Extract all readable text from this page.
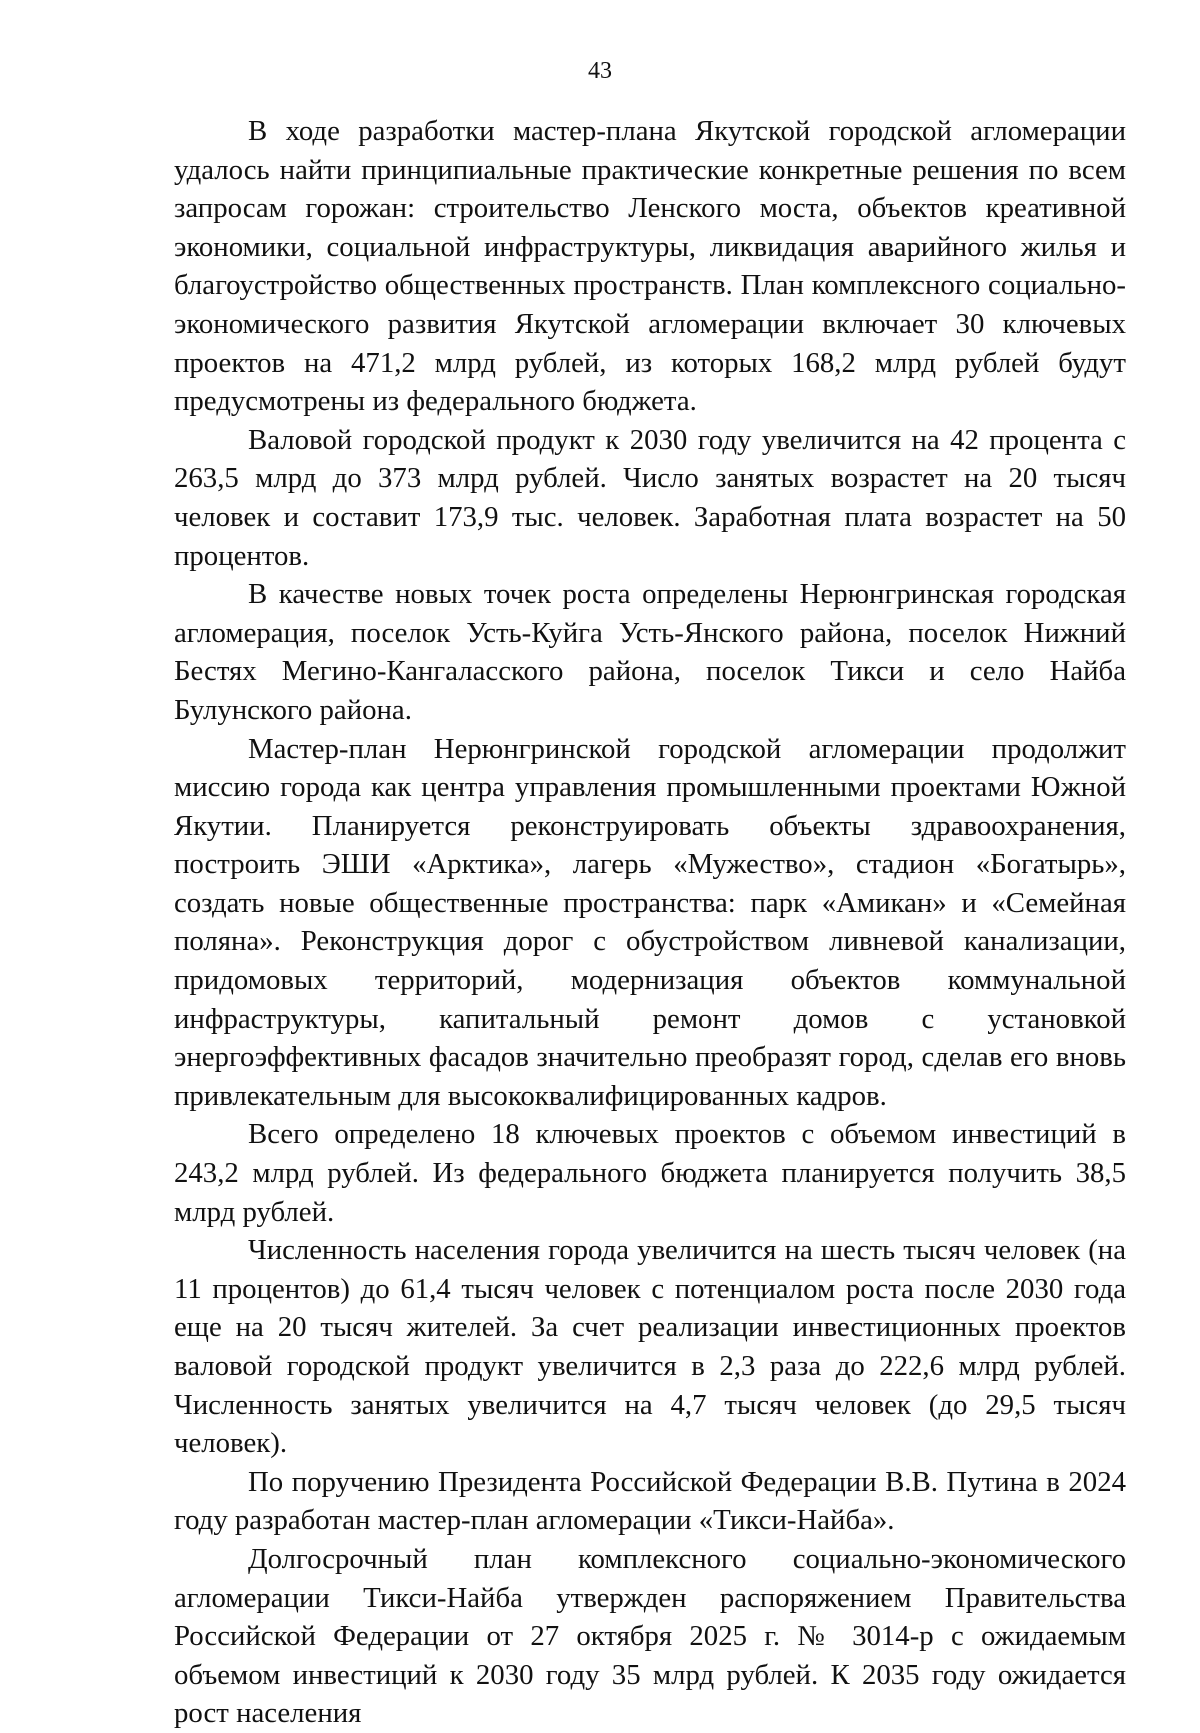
43

В ходе разработки мастер-плана Якутской городской агломерации удалось найти принципиальные практические конкретные решения по всем запросам горожан: строительство Ленского моста, объектов креативной экономики, социальной инфраструктуры, ликвидация аварийного жилья и благоустройство общественных пространств. План комплексного социально-экономического развития Якутской агломерации включает 30 ключевых проектов на 471,2 млрд рублей, из которых 168,2 млрд рублей будут предусмотрены из федерального бюджета.

Валовой городской продукт к 2030 году увеличится на 42 процента с 263,5 млрд до 373 млрд рублей. Число занятых возрастет на 20 тысяч человек и составит 173,9 тыс. человек. Заработная плата возрастет на 50 процентов.

В качестве новых точек роста определены Нерюнгринская городская агломерация, поселок Усть-Куйга Усть-Янского района, поселок Нижний Бестях Мегино-Кангаласского района, поселок Тикси и село Найба Булунского района.

Мастер-план Нерюнгринской городской агломерации продолжит миссию города как центра управления промышленными проектами Южной Якутии. Планируется реконструировать объекты здравоохранения, построить ЭШИ «Арктика», лагерь «Мужество», стадион «Богатырь», создать новые общественные пространства: парк «Амикан» и «Семейная поляна». Реконструкция дорог с обустройством ливневой канализации, придомовых территорий, модернизация объектов коммунальной инфраструктуры, капитальный ремонт домов с установкой энергоэффективных фасадов значительно преобразят город, сделав его вновь привлекательным для высококвалифицированных кадров.

Всего определено 18 ключевых проектов с объемом инвестиций в 243,2 млрд рублей. Из федерального бюджета планируется получить 38,5 млрд рублей.

Численность населения города увеличится на шесть тысяч человек (на 11 процентов) до 61,4 тысяч человек с потенциалом роста после 2030 года еще на 20 тысяч жителей. За счет реализации инвестиционных проектов валовой городской продукт увеличится в 2,3 раза до 222,6 млрд рублей. Численность занятых увеличится на 4,7 тысяч человек (до 29,5 тысяч человек).

По поручению Президента Российской Федерации В.В. Путина в 2024 году разработан мастер-план агломерации «Тикси-Найба».

Долгосрочный план комплексного социально-экономического агломерации Тикси-Найба утвержден распоряжением Правительства Российской Федерации от 27 октября 2025 г. № 3014-р с ожидаемым объемом инвестиций к 2030 году 35 млрд рублей. К 2035 году ожидается рост населения
